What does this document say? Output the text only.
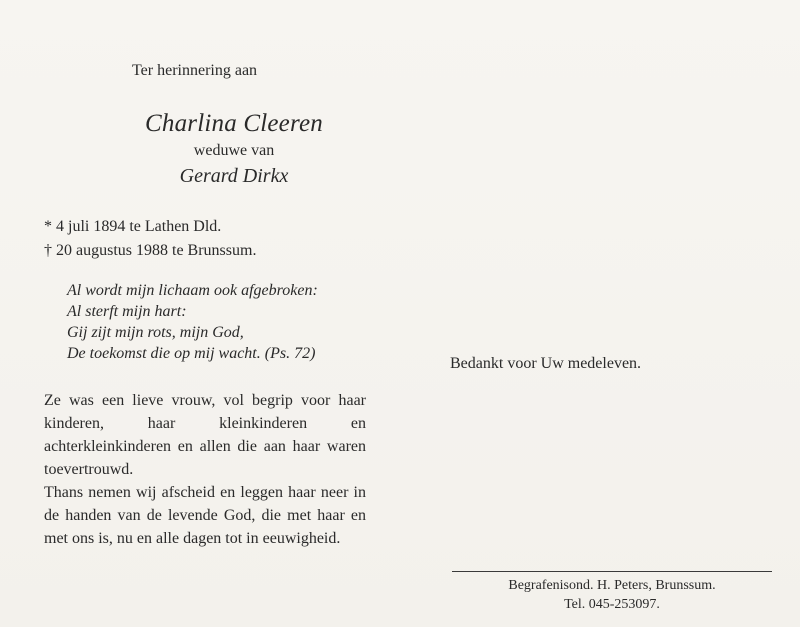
Ter herinnering aan
Charlina Cleeren
weduwe van
Gerard Dirkx
* 4 juli 1894 te Lathen Dld.
† 20 augustus 1988 te Brunssum.
Al wordt mijn lichaam ook afgebroken:
Al sterft mijn hart:
Gij zijt mijn rots, mijn God,
De toekomst die op mij wacht. (Ps. 72)

Ze was een lieve vrouw, vol begrip voor haar kinderen, haar kleinkinderen en achterkleinkinderen en allen die aan haar waren toevertrouwd.

Thans nemen wij afscheid en leggen haar neer in de handen van de levende God, die met haar en met ons is, nu en alle dagen tot in eeuwigheid.

Bedankt voor Uw medeleven.
Begrafenisond. H. Peters, Brunssum.
Tel. 045-253097.
